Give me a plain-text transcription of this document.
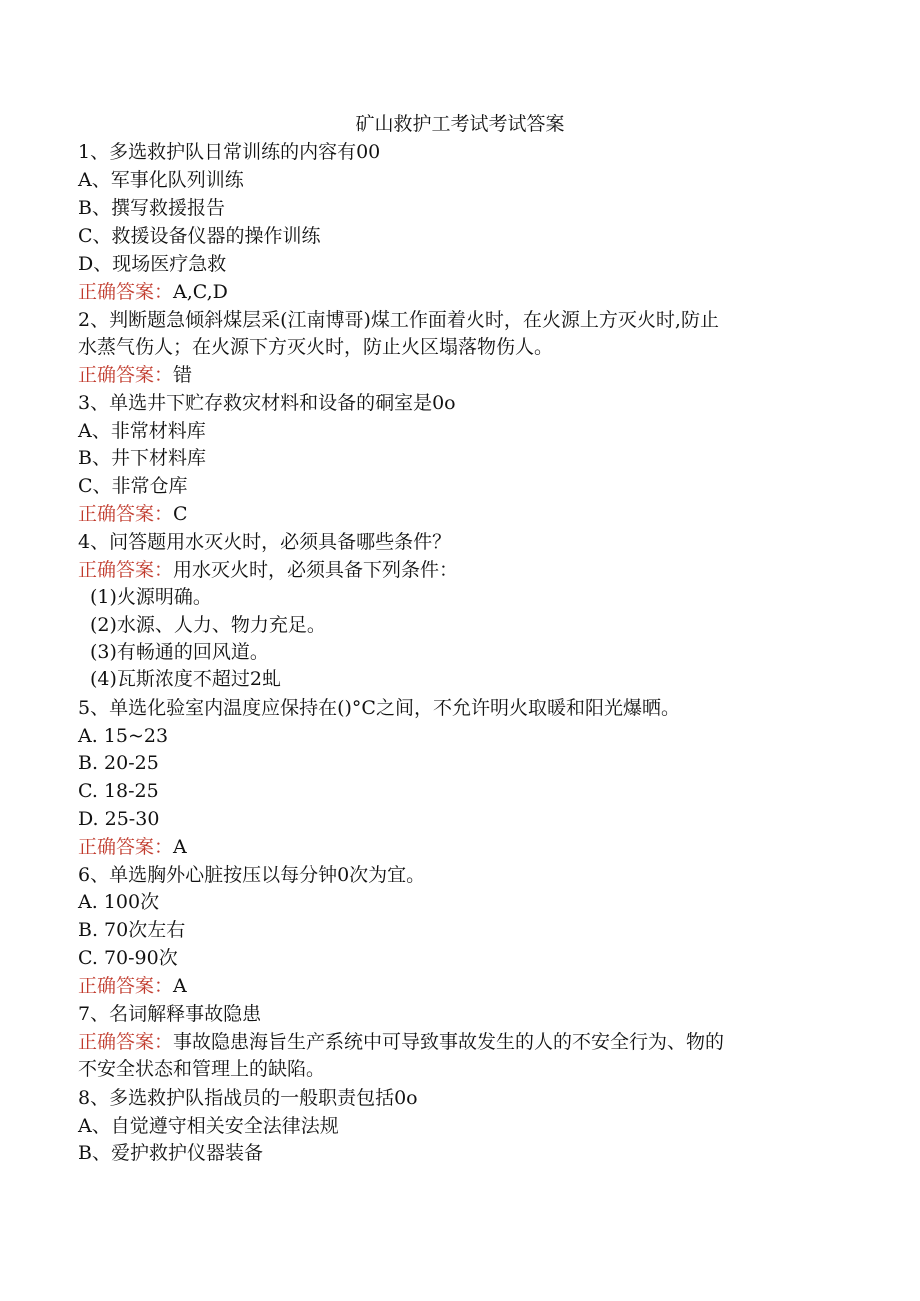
矿山救护工考试考试答案
1、多选救护队日常训练的内容有00
A、军事化队列训练
B、撰写救援报告
C、救援设备仪器的操作训练
D、现场医疗急救
正确答案：A,C,D
2、判断题急倾斜煤层采(江南博哥)煤工作面着火时，在火源上方灭火时,防止
水蒸气伤人；在火源下方灭火时，防止火区塌落物伤人。
正确答案：错
3、单选井下贮存救灾材料和设备的硐室是0o
A、非常材料库
B、井下材料库
C、非常仓库
正确答案：C
4、问答题用水灭火时，必须具备哪些条件？
正确答案：用水灭火时，必须具备下列条件：
(1)火源明确。
(2)水源、人力、物力充足。
(3)有畅通的回风道。
(4)瓦斯浓度不超过2虬
5、单选化验室内温度应保持在()°C之间，不允许明火取暖和阳光爆晒。
A. 15~23
B. 20-25
C. 18-25
D. 25-30
正确答案：A
6、单选胸外心脏按压以每分钟0次为宜。
A. 100次
B. 70次左右
C. 70-90次
正确答案：A
7、名词解释事故隐患
正确答案：事故隐患海旨生产系统中可导致事故发生的人的不安全行为、物的
不安全状态和管理上的缺陷。
8、多选救护队指战员的一般职责包括0o
A、自觉遵守相关安全法律法规
B、爱护救护仪器装备
